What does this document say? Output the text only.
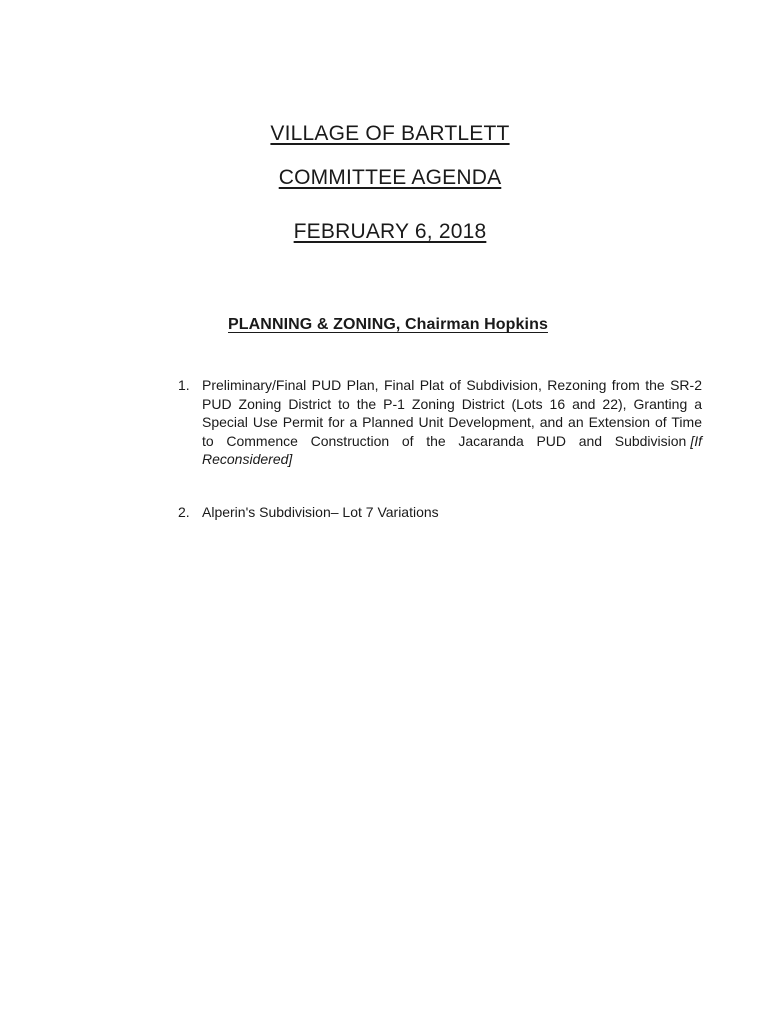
VILLAGE OF BARTLETT
COMMITTEE AGENDA
FEBRUARY 6, 2018
PLANNING & ZONING, Chairman Hopkins
1. Preliminary/Final PUD Plan, Final Plat of Subdivision, Rezoning from the SR-2 PUD Zoning District to the P-1 Zoning District (Lots 16 and 22), Granting a Special Use Permit for a Planned Unit Development, and an Extension of Time to Commence Construction of the Jacaranda PUD and Subdivision [If Reconsidered]
2. Alperin's Subdivision– Lot 7 Variations
